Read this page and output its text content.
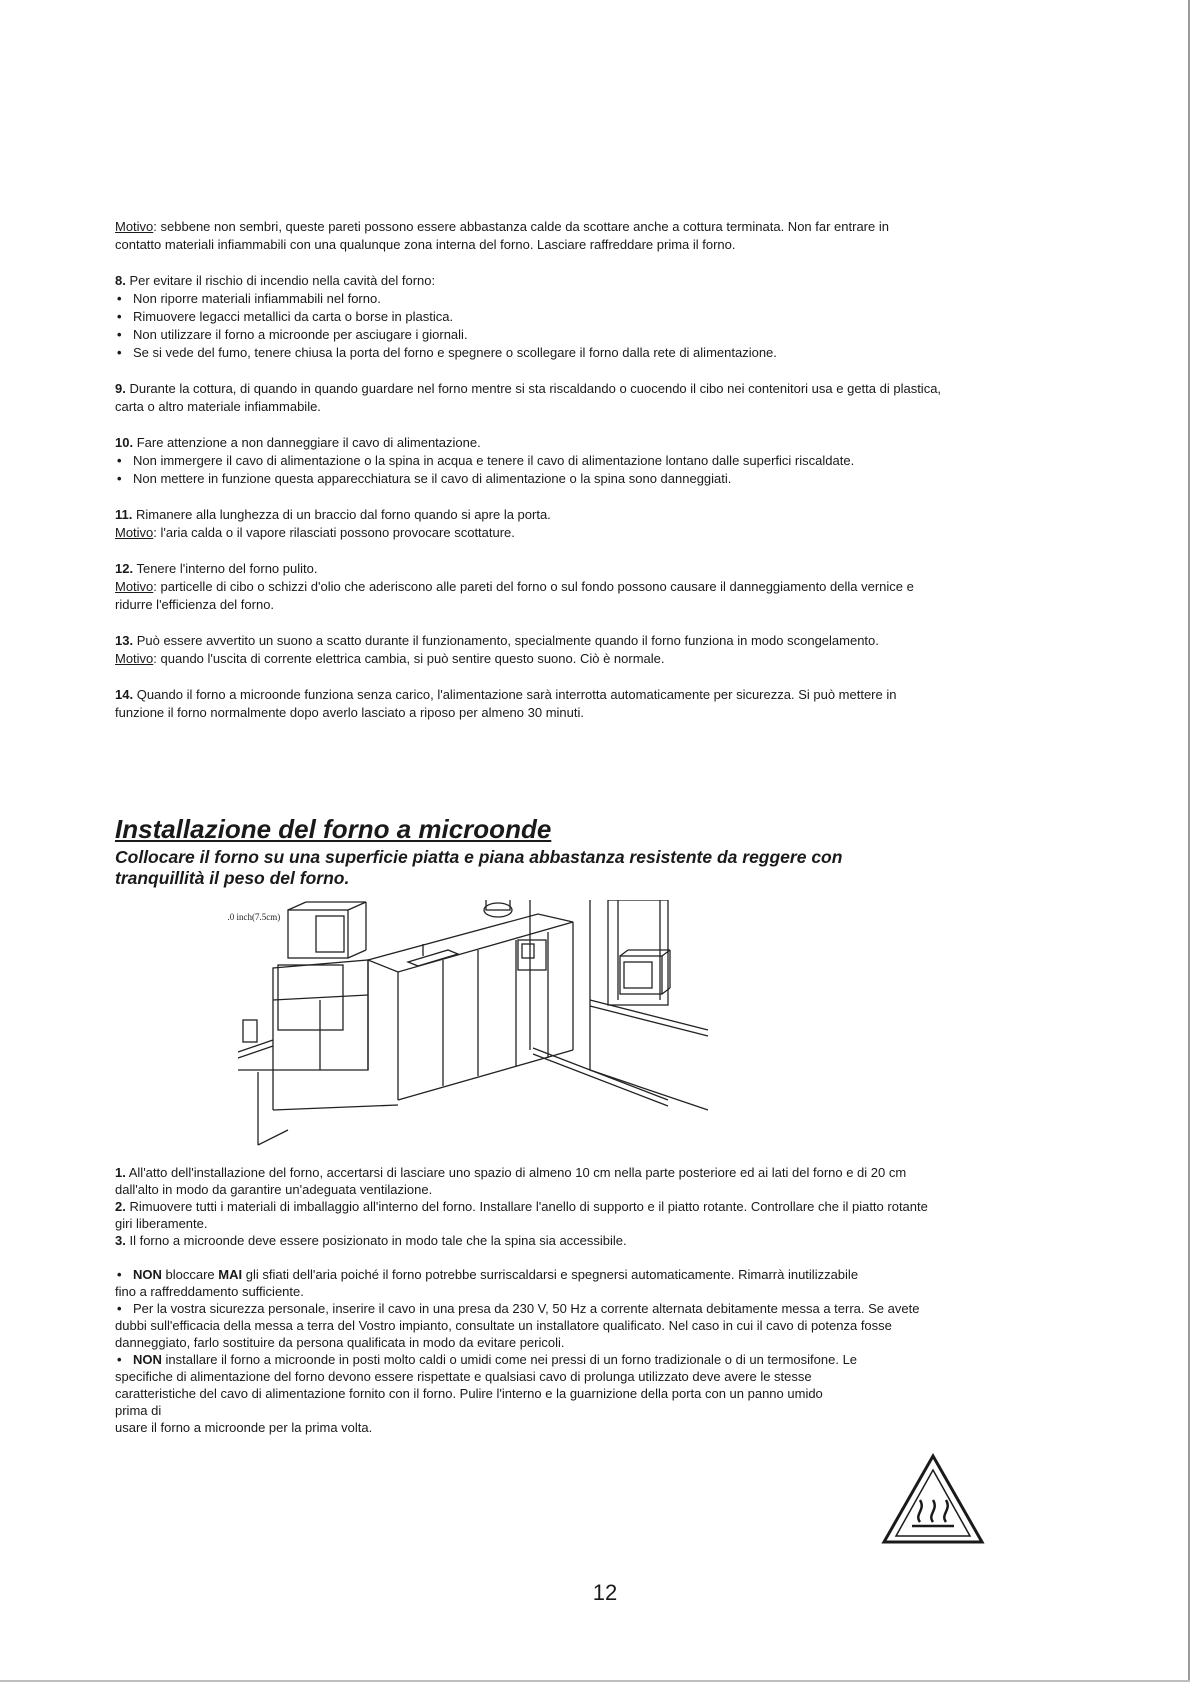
Motivo: sebbene non sembri, queste pareti possono essere abbastanza calde da scottare anche a cottura terminata. Non far entrare in

contatto materiali infiammabili con una qualunque zona interna del forno. Lasciare raffreddare prima il forno.

8. Per evitare il rischio di incendio nella cavità del forno:

• Non riporre materiali infiammabili nel forno.

• Rimuovere legacci metallici da carta o borse in plastica.

• Non utilizzare il forno a microonde per asciugare i giornali.

• Se si vede del fumo, tenere chiusa la porta del forno e spegnere o scollegare il forno dalla rete di alimentazione.

9. Durante la cottura, di quando in quando guardare nel forno mentre si sta riscaldando o cuocendo il cibo nei contenitori usa e getta di plastica, carta o altro materiale infiammabile.

10. Fare attenzione a non danneggiare il cavo di alimentazione.

• Non immergere il cavo di alimentazione o la spina in acqua e tenere il cavo di alimentazione lontano dalle superfici riscaldate.

• Non mettere in funzione questa apparecchiatura se il cavo di alimentazione o la spina sono danneggiati.

11. Rimanere alla lunghezza di un braccio dal forno quando si apre la porta.

Motivo: l'aria calda o il vapore rilasciati possono provocare scottature.

12. Tenere l'interno del forno pulito.

Motivo: particelle di cibo o schizzi d'olio che aderiscono alle pareti del forno o sul fondo possono causare il danneggiamento della vernice e

ridurre l'efficienza del forno.

13. Può essere avvertito un suono a scatto durante il funzionamento, specialmente quando il forno funziona in modo scongelamento.

Motivo: quando l'uscita di corrente elettrica cambia, si può sentire questo suono. Ciò è normale.

14. Quando il forno a microonde funziona senza carico, l'alimentazione sarà interrotta automaticamente per sicurezza. Si può mettere in funzione il forno normalmente dopo averlo lasciato a riposo per almeno 30 minuti.

Installazione del forno a microonde
Collocare il forno su una superficie piatta e piana abbastanza resistente da reggere con tranquillità il peso del forno.
3.0 inch(7.5cm)

1. All'atto dell'installazione del forno, accertarsi di lasciare uno spazio di almeno 10 cm nella parte posteriore ed ai lati del forno e di 20 cm dall'alto in modo da garantire un'adeguata ventilazione.

2. Rimuovere tutti i materiali di imballaggio all'interno del forno. Installare l'anello di supporto e il piatto rotante. Controllare che il piatto rotante giri liberamente.

3. Il forno a microonde deve essere posizionato in modo tale che la spina sia accessibile.

• NON bloccare MAI gli sfiati dell'aria poiché il forno potrebbe surriscaldarsi e spegnersi automaticamente. Rimarrà inutilizzabile

fino a raffreddamento sufficiente.

• Per la vostra sicurezza personale, inserire il cavo in una presa da 230 V, 50 Hz a corrente alternata debitamente messa a terra. Se avete dubbi sull'efficacia della messa a terra del Vostro impianto, consultate un installatore qualificato. Nel caso in cui il cavo di potenza fosse danneggiato, farlo sostituire da persona qualificata in modo da evitare pericoli.

• NON installare il forno a microonde in posti molto caldi o umidi come nei pressi di un forno tradizionale o di un termosifone. Le

specifiche di alimentazione del forno devono essere rispettate e qualsiasi cavo di prolunga utilizzato deve avere le stesse caratteristiche del cavo di alimentazione fornito con il forno. Pulire l'interno e la guarnizione della porta con un panno umido prima di

usare il forno a microonde per la prima volta.

12
